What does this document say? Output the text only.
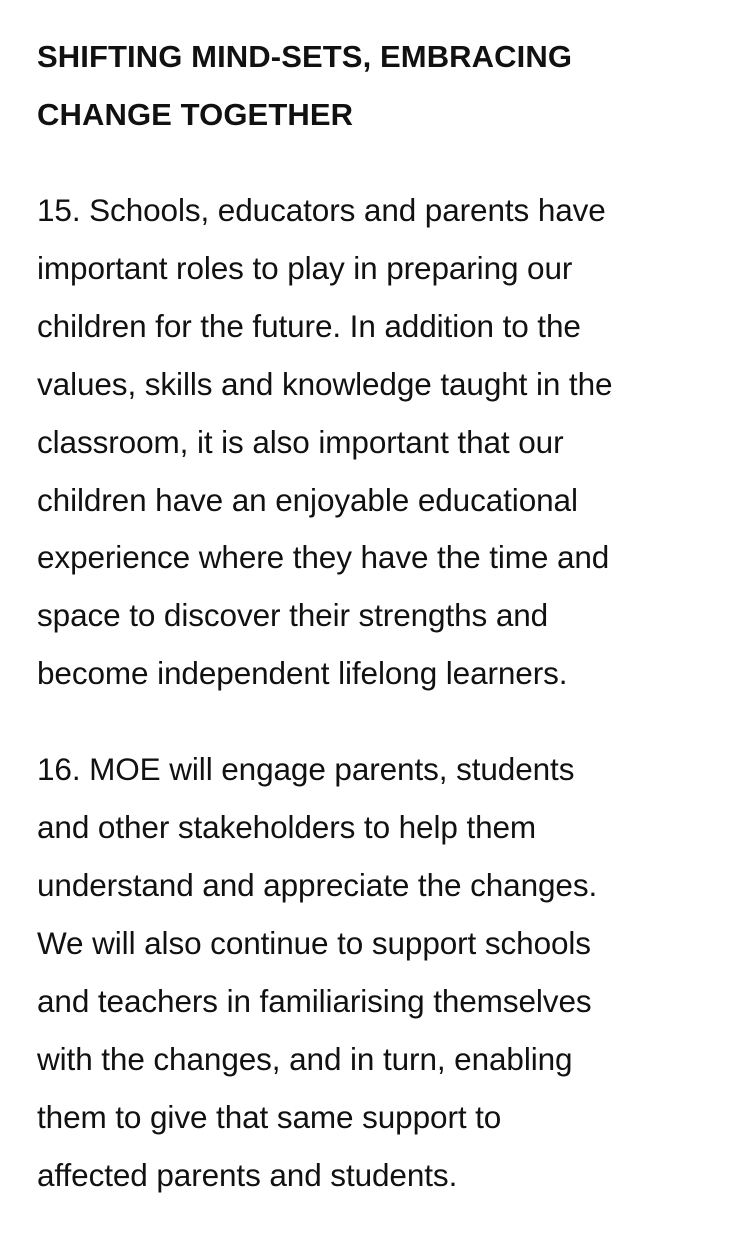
SHIFTING MIND-SETS, EMBRACING
CHANGE TOGETHER

15. Schools, educators and parents have
important roles to play in preparing our
children for the future. In addition to the
values, skills and knowledge taught in the
classroom, it is also important that our
children have an enjoyable educational
experience where they have the time and
space to discover their strengths and
become independent lifelong learners.

16. MOE will engage parents, students
and other stakeholders to help them
understand and appreciate the changes.
We will also continue to support schools
and teachers in familiarising themselves
with the changes, and in turn, enabling
them to give that same support to
affected parents and students.
